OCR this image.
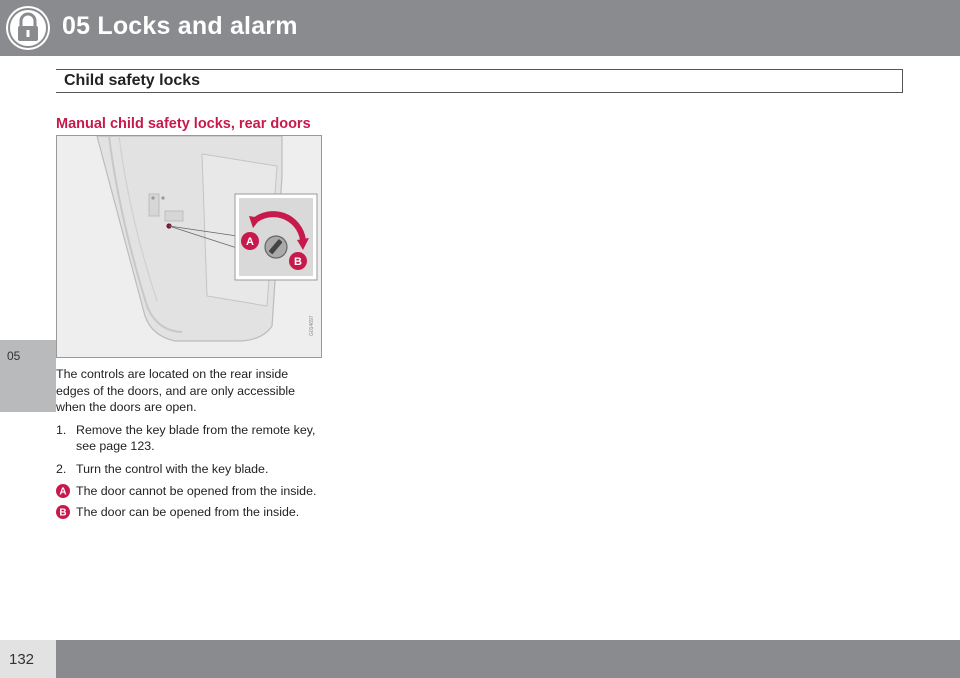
05 Locks and alarm
Child safety locks
05
Manual child safety locks, rear doors
A
B
G014697

The controls are located on the rear inside edges of the doors, and are only accessible when the doors are open.

1. Remove the key blade from the remote key, see page 123.
2. Turn the control with the key blade.
A The door cannot be opened from the inside.
B The door can be opened from the inside.
132
